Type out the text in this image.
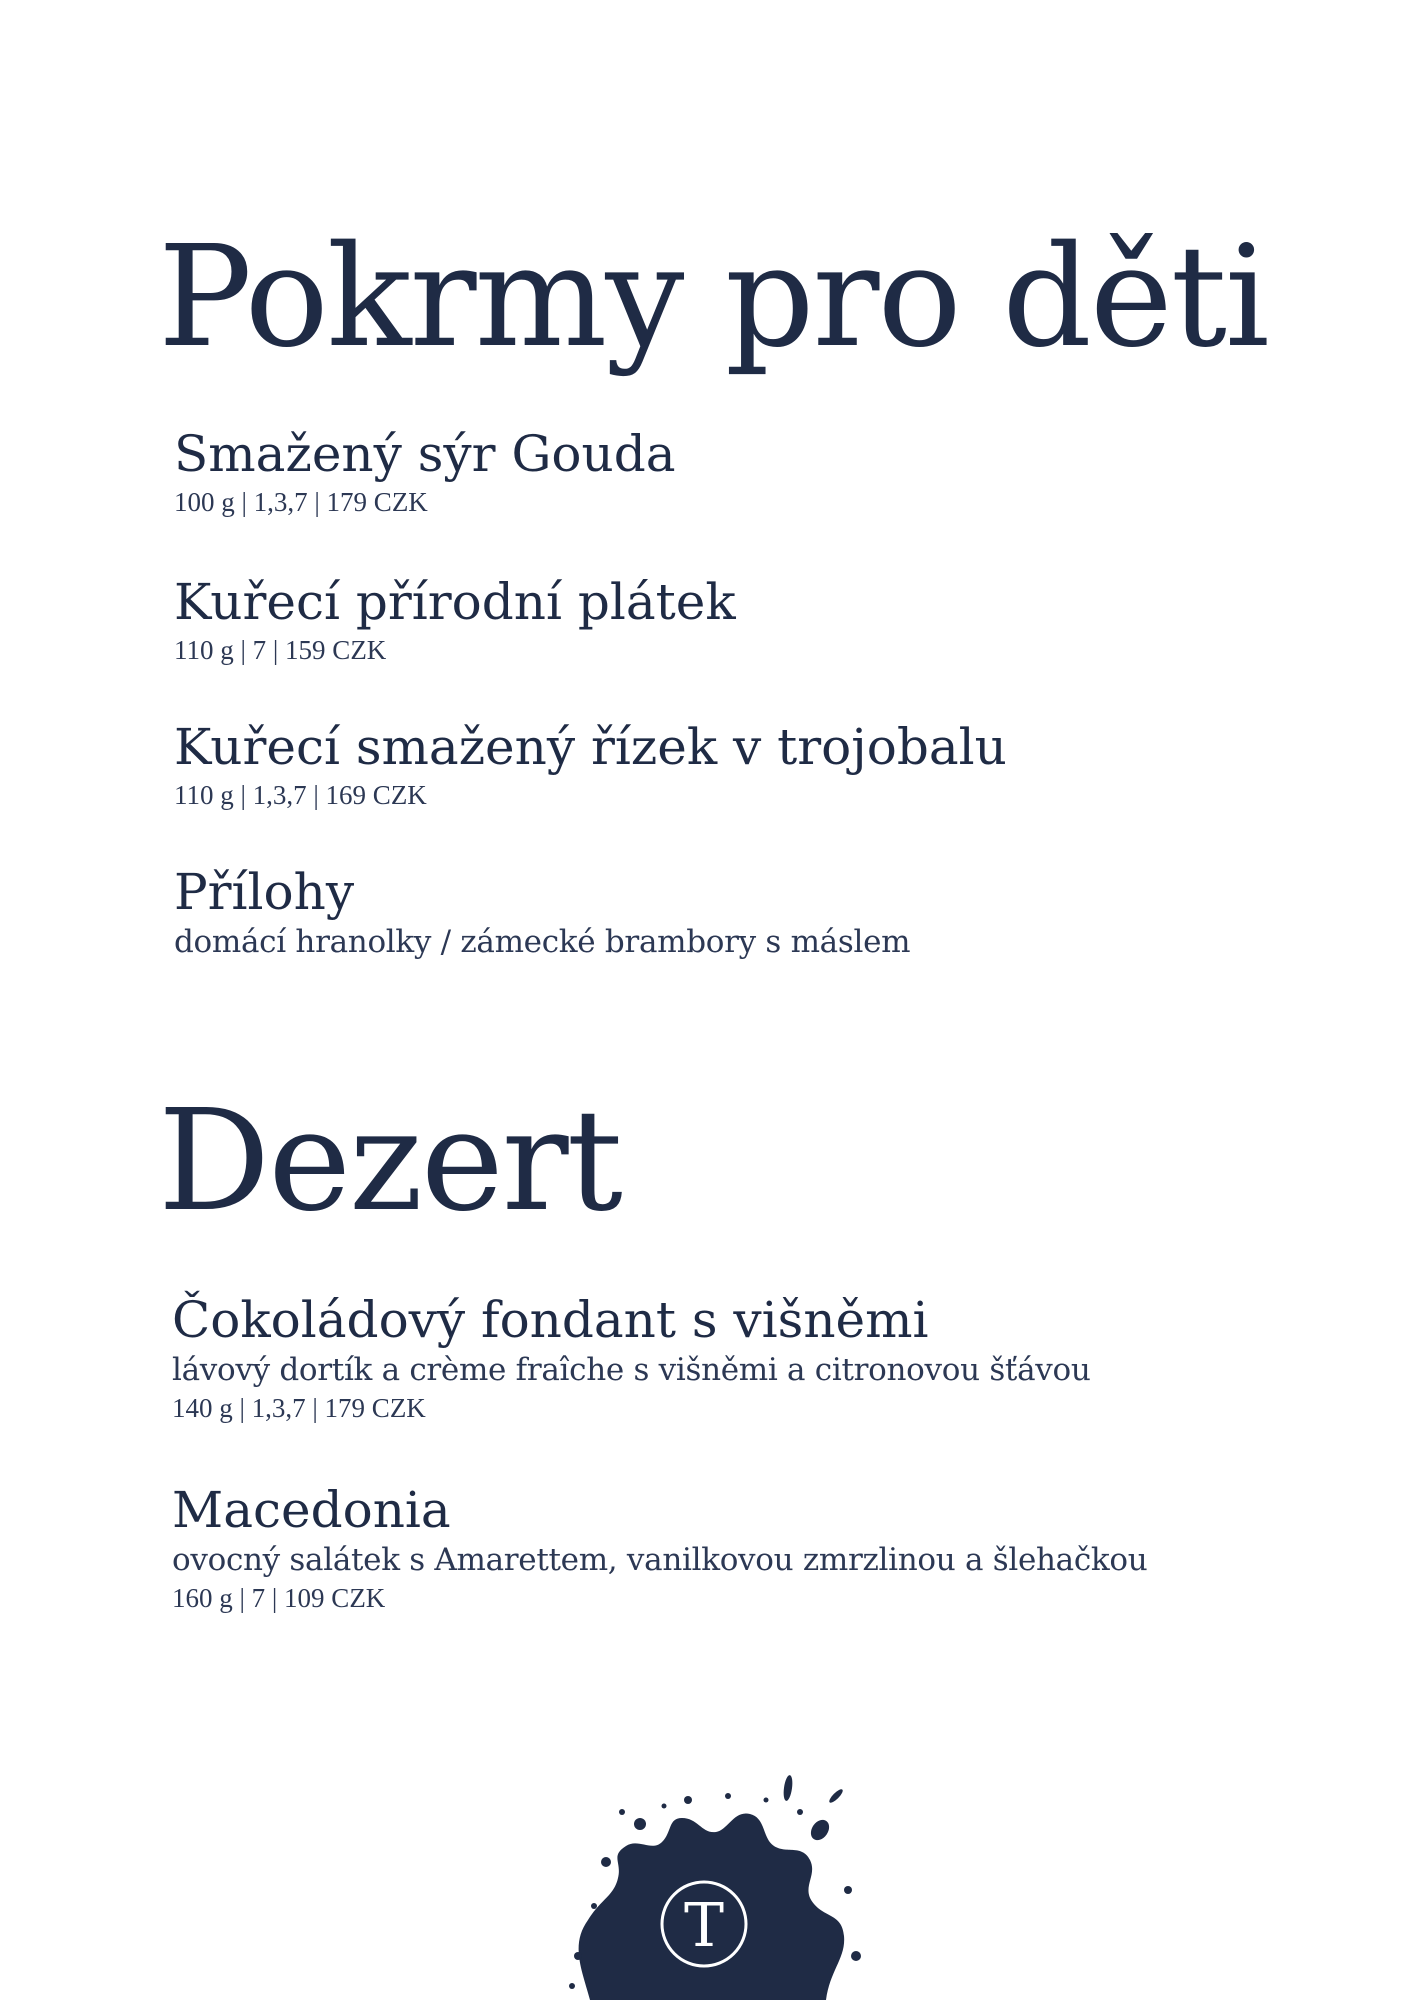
Pokrmy pro děti
Smažený sýr Gouda
100 g | 1,3,7 | 179 CZK
Kuřecí přírodní plátek
110 g | 7 | 159 CZK
Kuřecí smažený řízek v trojobalu
110 g | 1,3,7 | 169 CZK
Přílohy
domácí hranolky / zámecké brambory s máslem
Dezert
Čokoládový fondant s višněmi
lávový dortík a crème fraîche s višněmi a citronovou šťávou
140 g | 1,3,7 | 179 CZK
Macedonia
ovocný salátek s Amarettem, vanilkovou zmrzlinou a šlehačkou
160 g | 7 | 109 CZK
T
